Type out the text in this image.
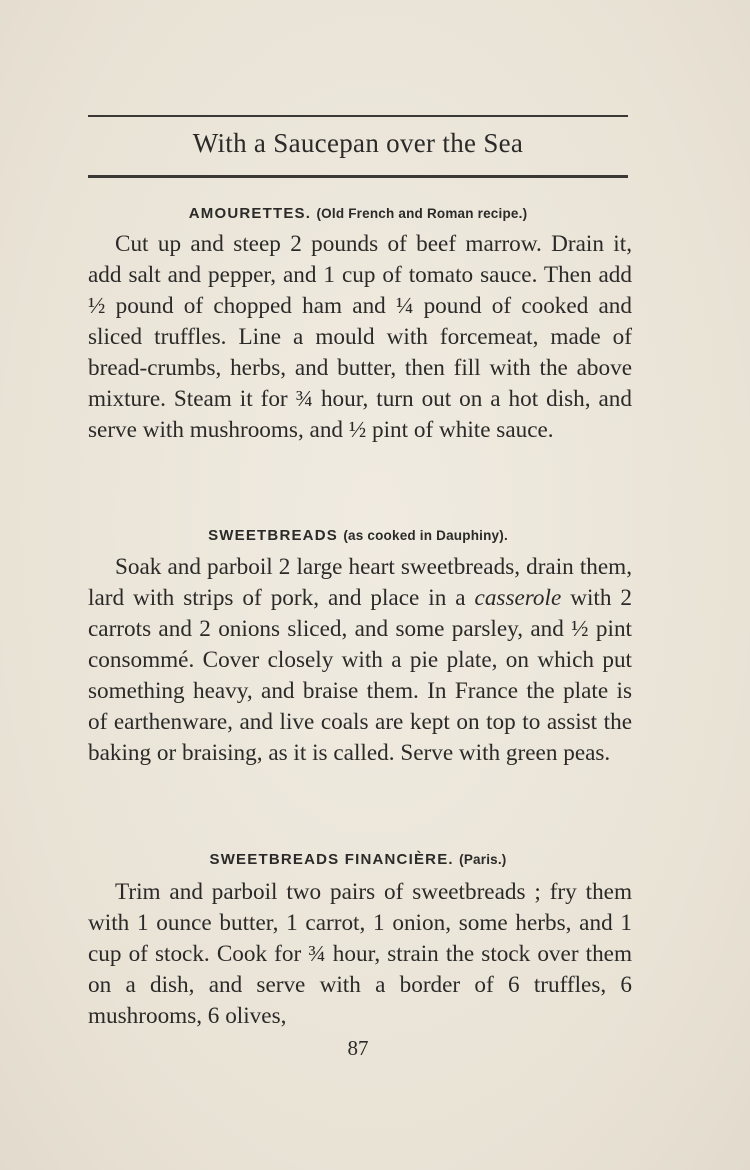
With a Saucepan over the Sea
AMOURETTES. (Old French and Roman recipe.)
Cut up and steep 2 pounds of beef marrow. Drain it, add salt and pepper, and 1 cup of tomato sauce. Then add ½ pound of chopped ham and ¼ pound of cooked and sliced truffles. Line a mould with forcemeat, made of bread-crumbs, herbs, and butter, then fill with the above mixture. Steam it for ¾ hour, turn out on a hot dish, and serve with mushrooms, and ½ pint of white sauce.
SWEETBREADS (as cooked in Dauphiny).
Soak and parboil 2 large heart sweetbreads, drain them, lard with strips of pork, and place in a casserole with 2 carrots and 2 onions sliced, and some parsley, and ½ pint consommé. Cover closely with a pie plate, on which put something heavy, and braise them. In France the plate is of earthenware, and live coals are kept on top to assist the baking or braising, as it is called. Serve with green peas.
SWEETBREADS FINANCIÈRE. (Paris.)
Trim and parboil two pairs of sweetbreads ; fry them with 1 ounce butter, 1 carrot, 1 onion, some herbs, and 1 cup of stock. Cook for ¾ hour, strain the stock over them on a dish, and serve with a border of 6 truffles, 6 mushrooms, 6 olives,
87
